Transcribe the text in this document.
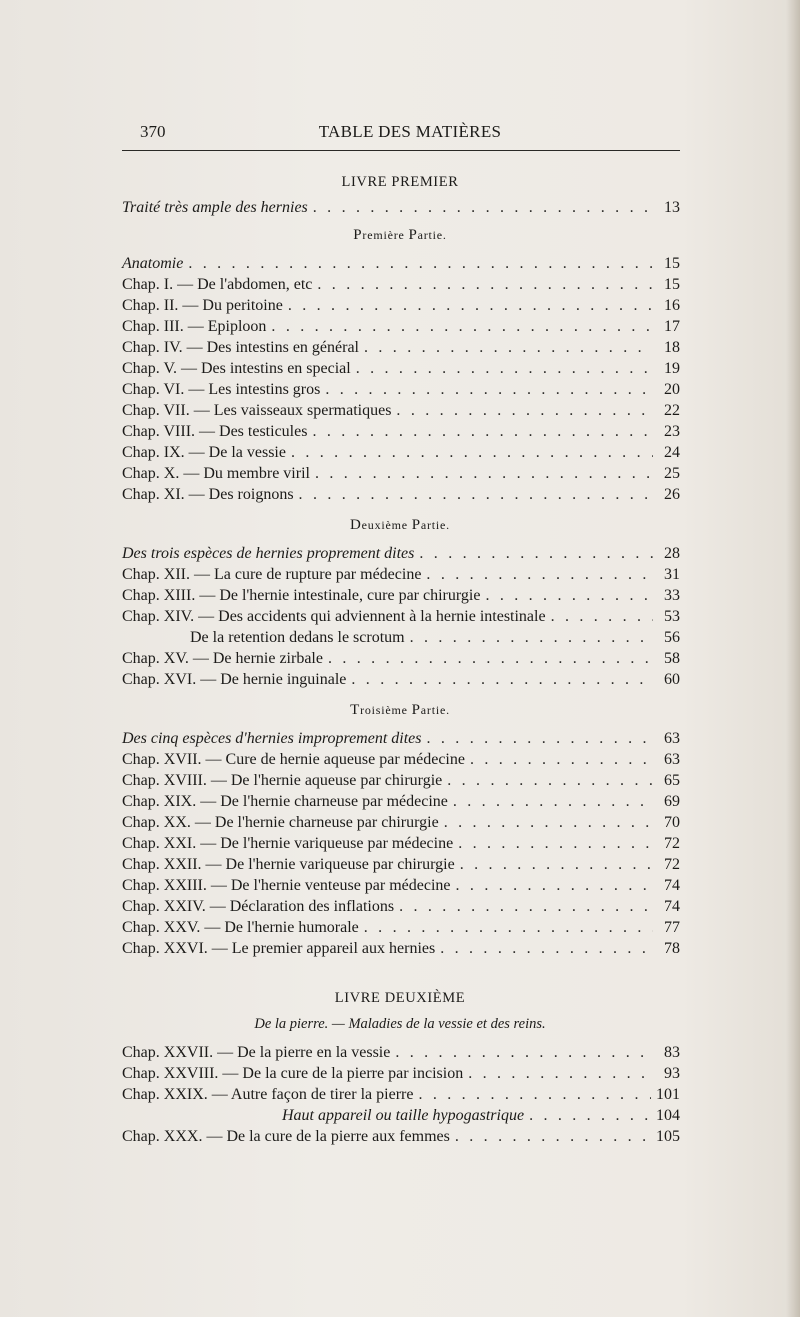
370	TABLE DES MATIÈRES
LIVRE PREMIER
Traité très ample des hernies . . .	13
Première Partie.
Anatomie . . .	15
Chap. I. — De l'abdomen, etc . . .	15
Chap. II. — Du peritoine . . .	16
Chap. III. — Epiploon . . .	17
Chap. IV. — Des intestins en général . . .	18
Chap. V. — Des intestins en special . . .	19
Chap. VI. — Les intestins gros . . .	20
Chap. VII. — Les vaisseaux spermatiques . . .	22
Chap. VIII. — Des testicules . . .	23
Chap. IX. — De la vessie . . .	24
Chap. X. — Du membre viril . . .	25
Chap. XI. — Des roignons . . .	26
Deuxième Partie.
Des trois espèces de hernies proprement dites . . .	28
Chap. XII. — La cure de rupture par médecine . . .	31
Chap. XIII. — De l'hernie intestinale, cure par chirurgie . . .	33
Chap. XIV. — Des accidents qui adviennent à la hernie intestinale . . .	53
De la retention dedans le scrotum . . .	56
Chap. XV. — De hernie zirbale . . .	58
Chap. XVI. — De hernie inguinale . . .	60
Troisième Partie.
Des cinq espèces d'hernies improprement dites . . .	63
Chap. XVII. — Cure de hernie aqueuse par médecine . . .	63
Chap. XVIII. — De l'hernie aqueuse par chirurgie . . .	65
Chap. XIX. — De l'hernie charneuse par médecine . . .	69
Chap. XX. — De l'hernie charneuse par chirurgie . . .	70
Chap. XXI. — De l'hernie variqueuse par médecine . . .	72
Chap. XXII. — De l'hernie variqueuse par chirurgie . . .	72
Chap. XXIII. — De l'hernie venteuse par médecine . . .	74
Chap. XXIV. — Déclaration des inflations . . .	74
Chap. XXV. — De l'hernie humorale . . .	77
Chap. XXVI. — Le premier appareil aux hernies . . .	78
LIVRE DEUXIÈME
De la pierre. — Maladies de la vessie et des reins.
Chap. XXVII. — De la pierre en la vessie . . .	83
Chap. XXVIII. — De la cure de la pierre par incision . . .	93
Chap. XXIX. — Autre façon de tirer la pierre . . .	101
Haut appareil ou taille hypogastrique . . .	104
Chap. XXX. — De la cure de la pierre aux femmes . . .	105
